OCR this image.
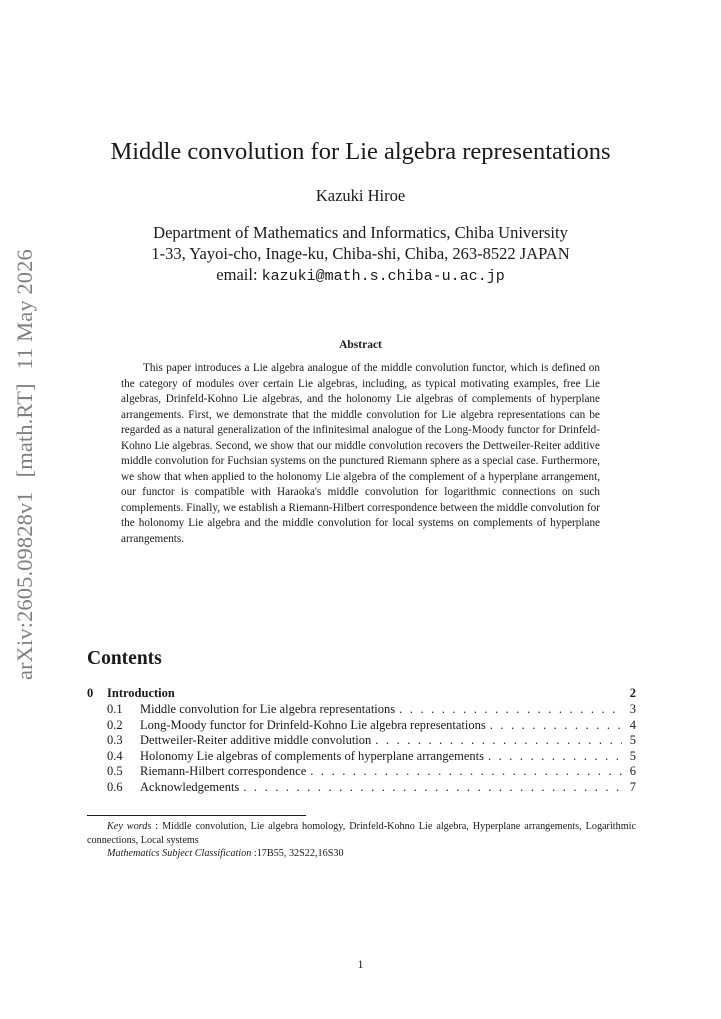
arXiv:2605.09828v1[math.RT]11 May 2026
Middle convolution for Lie algebra representations
Kazuki Hiroe
Department of Mathematics and Informatics, Chiba University
1-33, Yayoi-cho, Inage-ku, Chiba-shi, Chiba, 263-8522 JAPAN
email: kazuki@math.s.chiba-u.ac.jp
Abstract

This paper introduces a Lie algebra analogue of the middle convolution functor, which is defined on the category of modules over certain Lie algebras, including, as typical motivating examples, free Lie algebras, Drinfeld-Kohno Lie algebras, and the holonomy Lie algebras of complements of hyperplane arrangements. First, we demonstrate that the middle convolution for Lie algebra representations can be regarded as a natural generalization of the infinitesimal analogue of the Long-Moody functor for Drinfeld-Kohno Lie algebras. Second, we show that our middle convolution recovers the Dettweiler-Reiter additive middle convolution for Fuchsian systems on the punctured Riemann sphere as a special case. Furthermore, we show that when applied to the holonomy Lie algebra of the complement of a hyperplane arrangement, our functor is compatible with Haraoka's middle convolution for logarithmic connections on such complements. Finally, we establish a Riemann-Hilbert correspondence between the middle convolution for the holonomy Lie algebra and the middle convolution for local systems on complements of hyperplane arrangements.

Contents
0	Introduction	2
0.1	Middle convolution for Lie algebra representations . . .	3
0.2	Long-Moody functor for Drinfeld-Kohno Lie algebra representations . . .	4
0.3	Dettweiler-Reiter additive middle convolution . . .	5
0.4	Holonomy Lie algebras of complements of hyperplane arrangements . . .	5
0.5	Riemann-Hilbert correspondence . . .	6
0.6	Acknowledgements . . .	7

Key words : Middle convolution, Lie algebra homology, Drinfeld-Kohno Lie algebra, Hyperplane arrangements, Logarithmic connections, Local systems
Mathematics Subject Classification :17B55, 32S22,16S30

1
